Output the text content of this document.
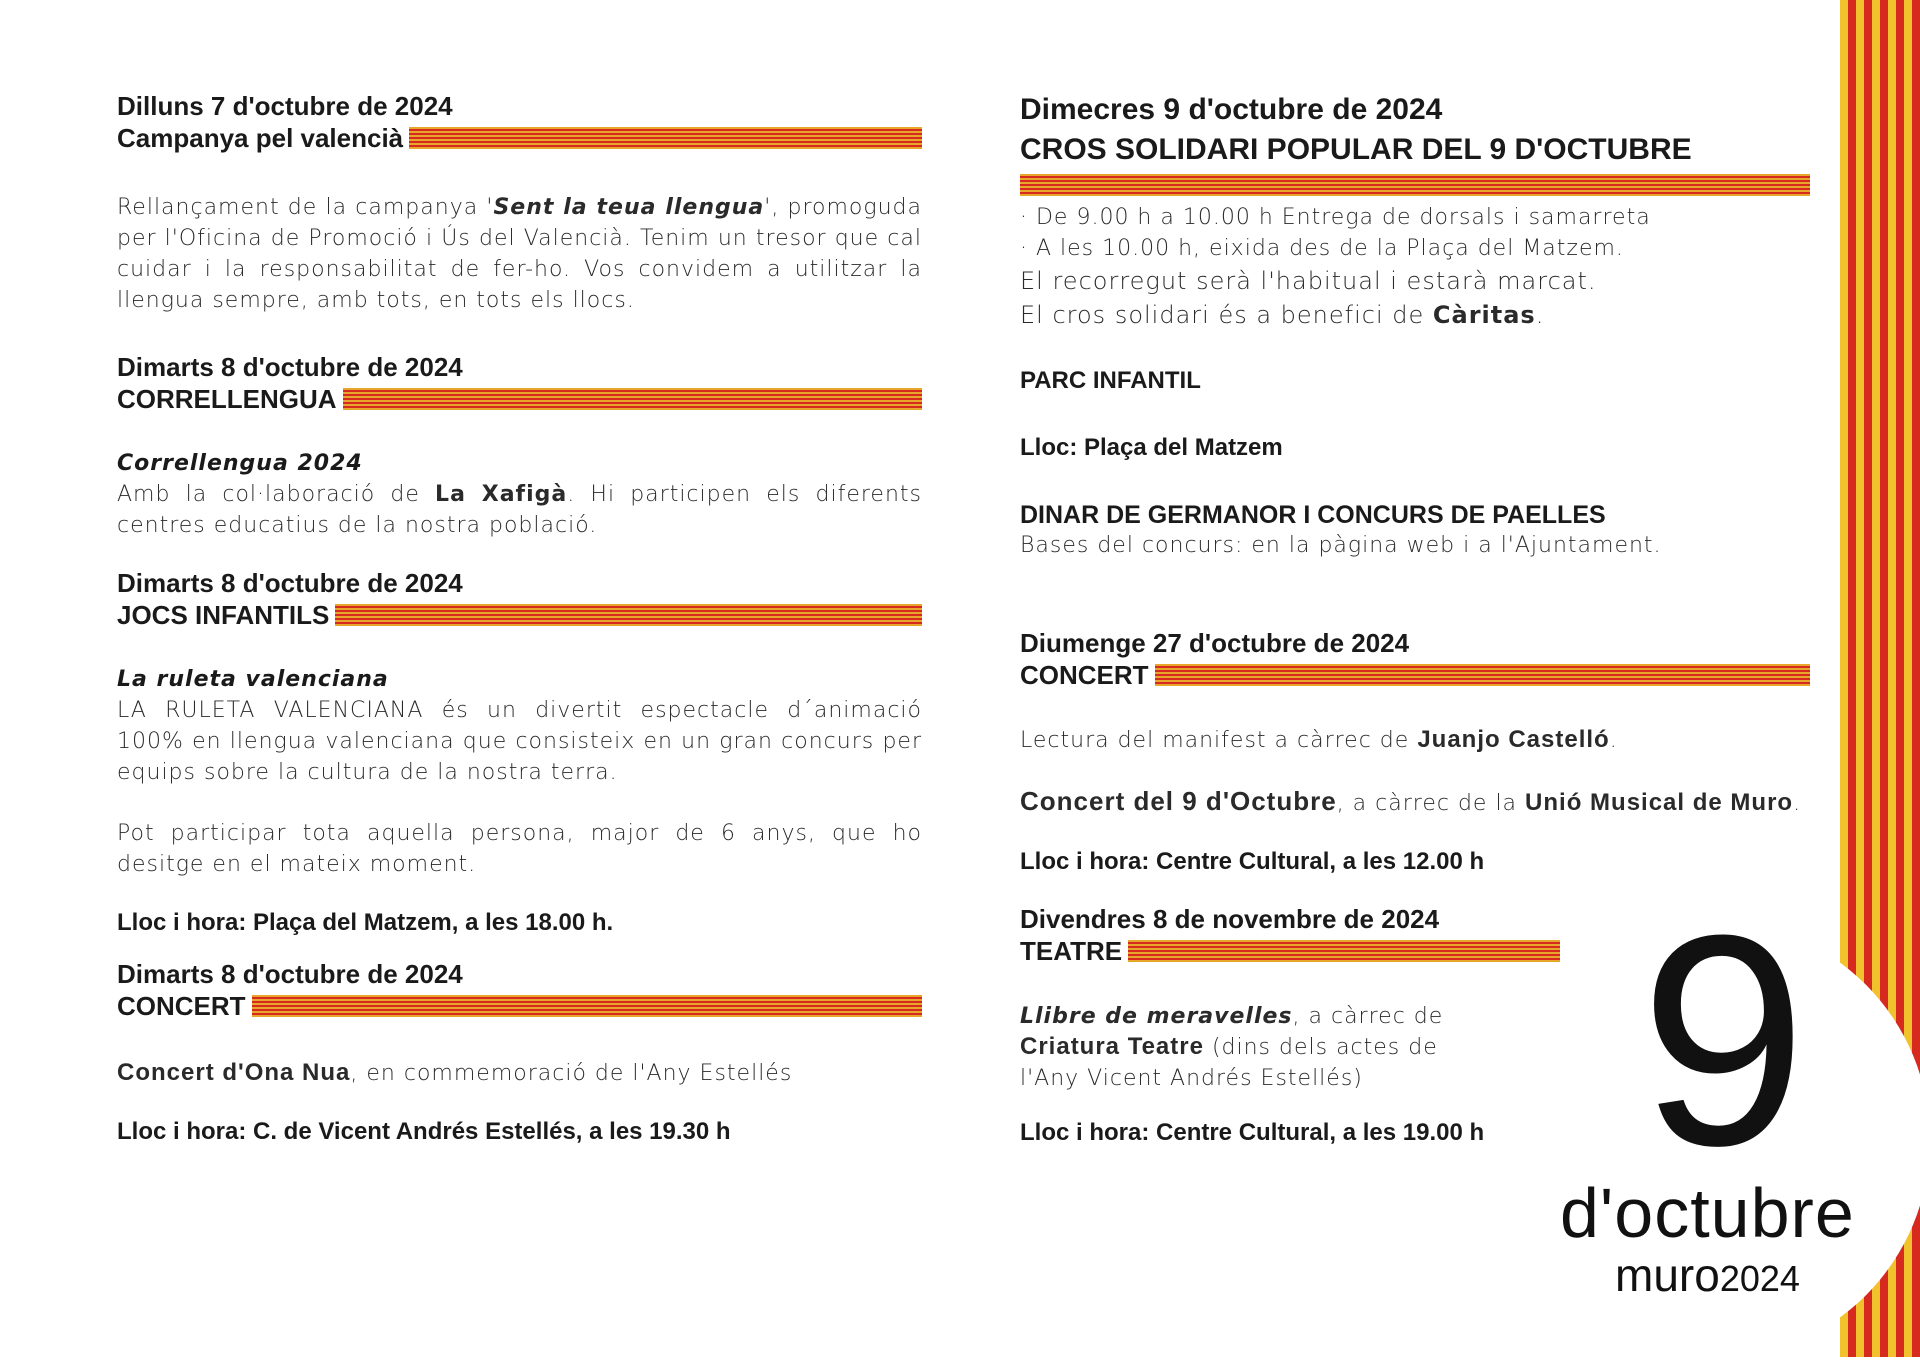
Dilluns 7 d'octubre de 2024
Campanya pel valencià

Rellançament de la campanya 'Sent la teua llengua', promoguda per l'Oficina de Promoció i Ús del Valencià. Tenim un tresor que cal cuidar i la responsabilitat de fer-ho. Vos convidem a utilitzar la llengua sempre, amb tots, en tots els llocs.

Dimarts 8 d'octubre de 2024
CORRELLENGUA
Correllengua 2024

Amb la col·laboració de La Xafigà. Hi participen els diferents centres educatius de la nostra població.

Dimarts 8 d'octubre de 2024
JOCS INFANTILS
La ruleta valenciana

LA RULETA VALENCIANA és un divertit espectacle d´animació 100% en llengua valenciana que consisteix en un gran concurs per equips sobre la cultura de la nostra terra.

Pot participar tota aquella persona, major de 6 anys, que ho desitge en el mateix moment.

Lloc i hora: Plaça del Matzem, a les 18.00 h.
Dimarts 8 d'octubre de 2024
CONCERT

Concert d'Ona Nua, en commemoració de l'Any Estellés

Lloc i hora: C. de Vicent Andrés Estellés, a les 19.30 h
Dimecres 9 d'octubre de 2024
CROS SOLIDARI POPULAR DEL 9 D'OCTUBRE

· De 9.00 h a 10.00 h Entrega de dorsals i samarreta

· A les 10.00 h, eixida des de la Plaça del Matzem.

El recorregut serà l'habitual i estarà marcat.

El cros solidari és a benefici de Càritas.

PARC INFANTIL
Lloc: Plaça del Matzem
DINAR DE GERMANOR I CONCURS DE PAELLES

Bases del concurs: en la pàgina web i a l'Ajuntament.

Diumenge 27 d'octubre de 2024
CONCERT

Lectura del manifest a càrrec de Juanjo Castelló.

Concert del 9 d'Octubre, a càrrec de la Unió Musical de Muro.

Lloc i hora: Centre Cultural, a les 12.00 h
Divendres 8 de novembre de 2024
TEATRE

Llibre de meravelles, a càrrec de

Criatura Teatre (dins dels actes de

l'Any Vicent Andrés Estellés)

Lloc i hora: Centre Cultural, a les 19.00 h 9
d'octubre
muro2024
